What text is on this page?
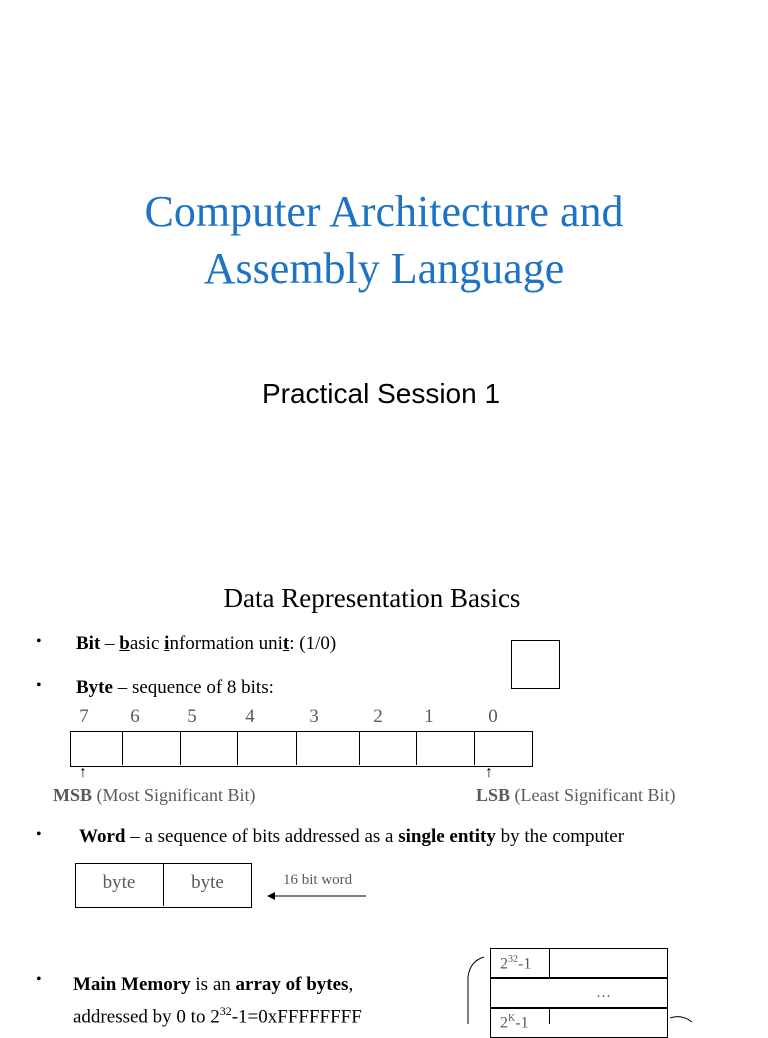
Computer Architecture and
Assembly Language
Practical Session 1
Data Representation Basics
• Bit – basic information unit: (1/0)
• Byte – sequence of 8 bits:
7 6	5	4	3	2 1	0
↑	↑
MSB (Most Significant Bit)	LSB (Least Significant Bit)
• Word – a sequence of bits addressed as a single entity by the computer
byte	byte	16 bit word
• Main Memory is an array of bytes,
addressed by 0 to $2^{32}-1=0xFFFFFFFF$
$2^{32}-1$
…
$2^K-1$
